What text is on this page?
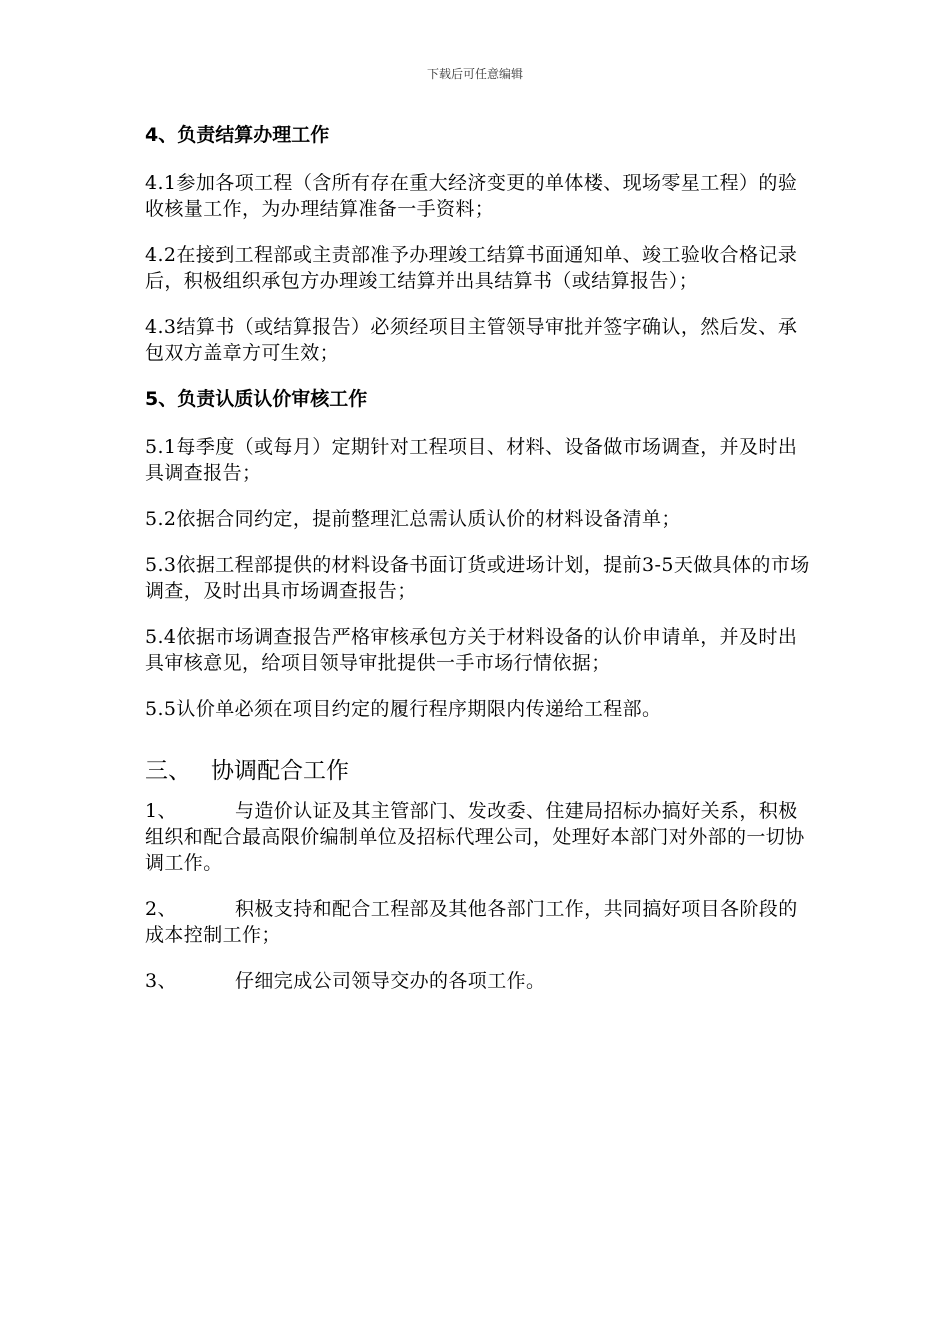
下载后可任意编辑
4、负责结算办理工作

4.1参加各项工程（含所有存在重大经济变更的单体楼、现场零星工程）的验收核量工作，为办理结算准备一手资料；

4.2在接到工程部或主责部准予办理竣工结算书面通知单、竣工验收合格记录后，积极组织承包方办理竣工结算并出具结算书（或结算报告）；

4.3结算书（或结算报告）必须经项目主管领导审批并签字确认，然后发、承包双方盖章方可生效；

5、负责认质认价审核工作

5.1每季度（或每月）定期针对工程项目、材料、设备做市场调查，并及时出具调查报告；

5.2依据合同约定，提前整理汇总需认质认价的材料设备清单；

5.3依据工程部提供的材料设备书面订货或进场计划，提前3-5天做具体的市场调查，及时出具市场调查报告；

5.4依据市场调查报告严格审核承包方关于材料设备的认价申请单，并及时出具审核意见，给项目领导审批提供一手市场行情依据；

5.5认价单必须在项目约定的履行程序期限内传递给工程部。

三、 协调配合工作

1、	与造价认证及其主管部门、发改委、住建局招标办搞好关系，积极组织和配合最高限价编制单位及招标代理公司，处理好本部门对外部的一切协调工作。

2、	积极支持和配合工程部及其他各部门工作，共同搞好项目各阶段的成本控制工作；

3、	仔细完成公司领导交办的各项工作。
